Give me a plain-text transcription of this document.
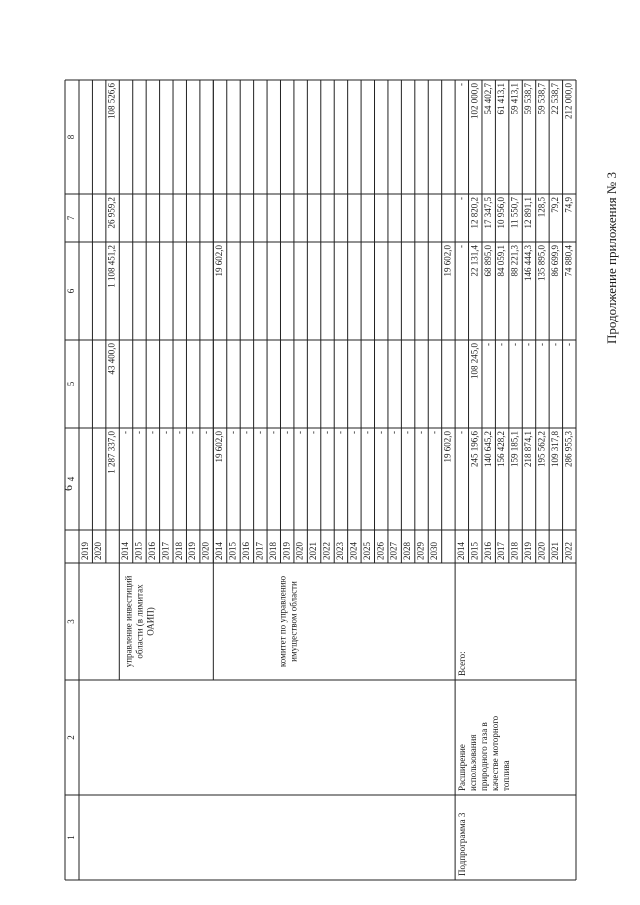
6
Продолжение приложения № 3
1
2
3
4
5
6
7
8
2019 2020
1 287 337,0
43 400,0
1 108 451,2
26 959,2
108 526,6
2014
-
2015
-
2016
-
2017
-
2018
-
2019
-
2020
-
управление инвестиций области (в лимитах ОАИП)
2014
19 602,0
19 602,0
2015
-
2016
-
2017
-
2018
-
2019
-
2020
-
2021
-
2022
-
2023
-
2024
-
2025
-
2026
-
2027
-
2028
-
2029
-
2030
- 19 602,0
19 602,0
комитет по управлению имуществом области
2014
-
-
-
-
2015
245 196,6
108 245,0
22 131,4
12 820,2
102 000,0
2016
140 645,2
-
68 895,0
17 347,5
54 402,7
2017
156 428,2
-
84 059,1
10 956,0
61 413,1
2018
159 185,1
-
88 221,3
11 550,7
59 413,1
2019
218 874,1
-
146 444,3
12 891,1
59 538,7
2020
195 562,2
-
135 895,0
128,5
59 538,7
2021
109 317,8
-
86 699,9
79,2
22 538,7
2022
286 955,3
-
74 880,4
74,9
212 000,0
Всего:
Подпрограмма 3
Расширение использования природного газа в качестве моторного топлива
